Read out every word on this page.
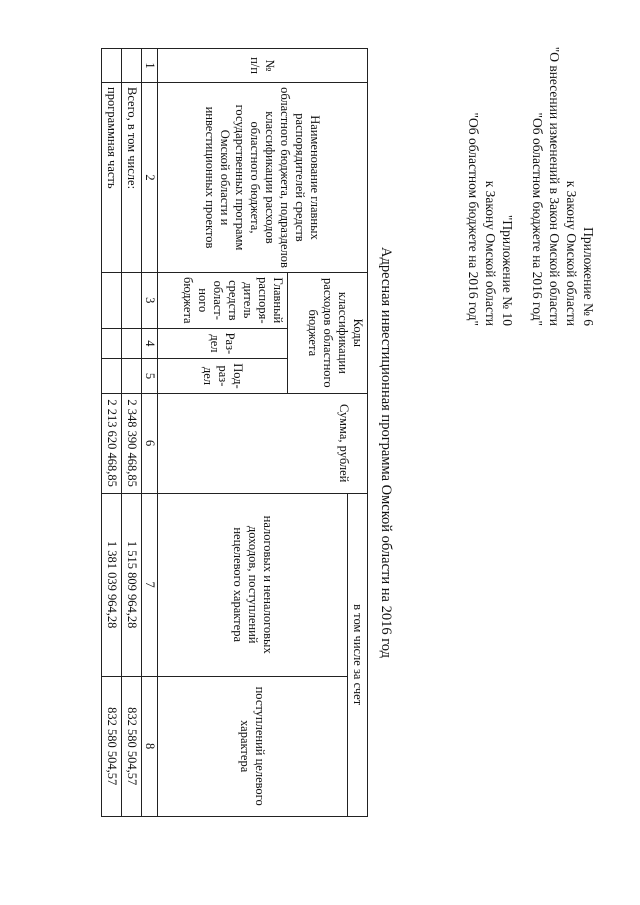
Приложение № 6
к Закону Омской области
"О внесении изменений в Закон Омской области
"Об областном бюджете на 2016 год"
"Приложение № 10
к Закону Омской области
"Об областном бюджете на 2016 год"
Адресная инвестиционная программа Омской области на 2016 год
№ п/п	Наименование главных распорядителей средств областного бюджета, подразделов классификации расходов областного бюджета, государственных программ Омской области и инвестиционных проектов	Коды классификации расходов областного бюджета			Сумма, рублей	в том числе за счет	
						налоговых и неналоговых доходов, поступлений нецелевого характера	поступлений целевого характера
		Главный распоря-дитель средств област-ного бюджета	Раз-дел	Под-раз-дел			
1	2	3	4	5	6	7	8
	Всего, в том числе:				2 348 390 468,85	1 515 809 964,28	832 580 504,57
	программная часть				2 213 620 468,85	1 381 039 964,28	832 580 504,57
